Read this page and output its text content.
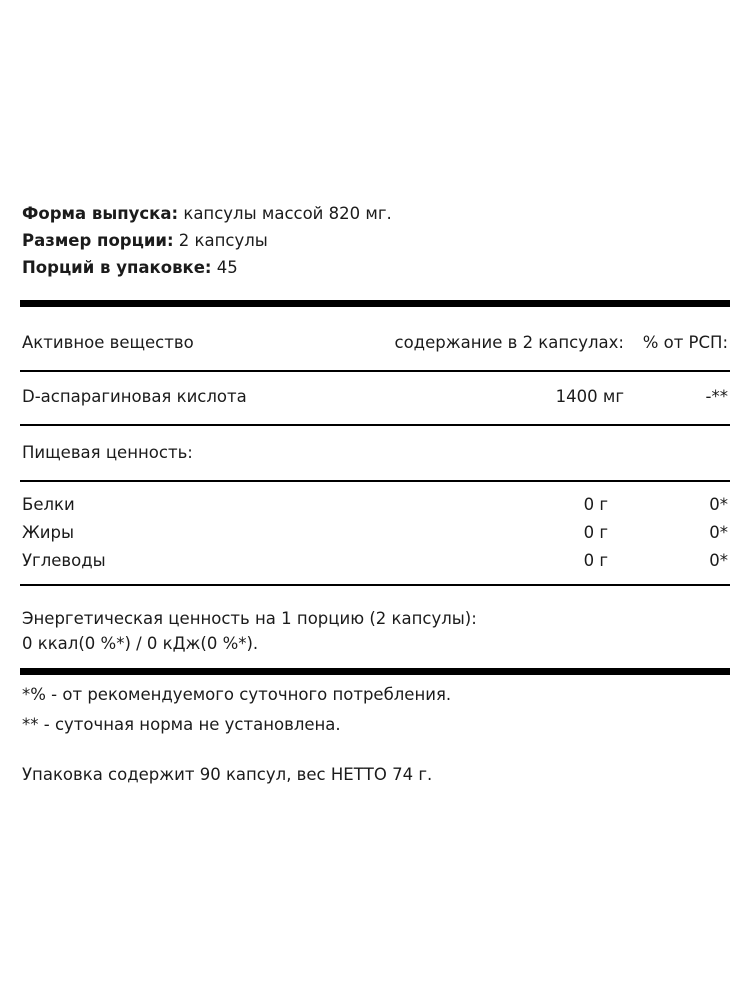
Форма выпуска: капсулы массой 820 мг.
Размер порции: 2 капсулы
Порций в упаковке: 45
Активное вещество	содержание в 2 капсулах:	% от РСП:
D-аспарагиновая кислота	1400 мг	-**
Пищевая ценность:
Белки	0 г	0*
Жиры	0 г	0*
Углеводы	0 г	0*
Энергетическая ценность на 1 порцию (2 капсулы):
0 ккал(0 %*) / 0 кДж(0 %*).
*% - от рекомендуемого суточного потребления.
** - суточная норма не установлена.
Упаковка содержит 90 капсул, вес НЕТТО 74 г.
